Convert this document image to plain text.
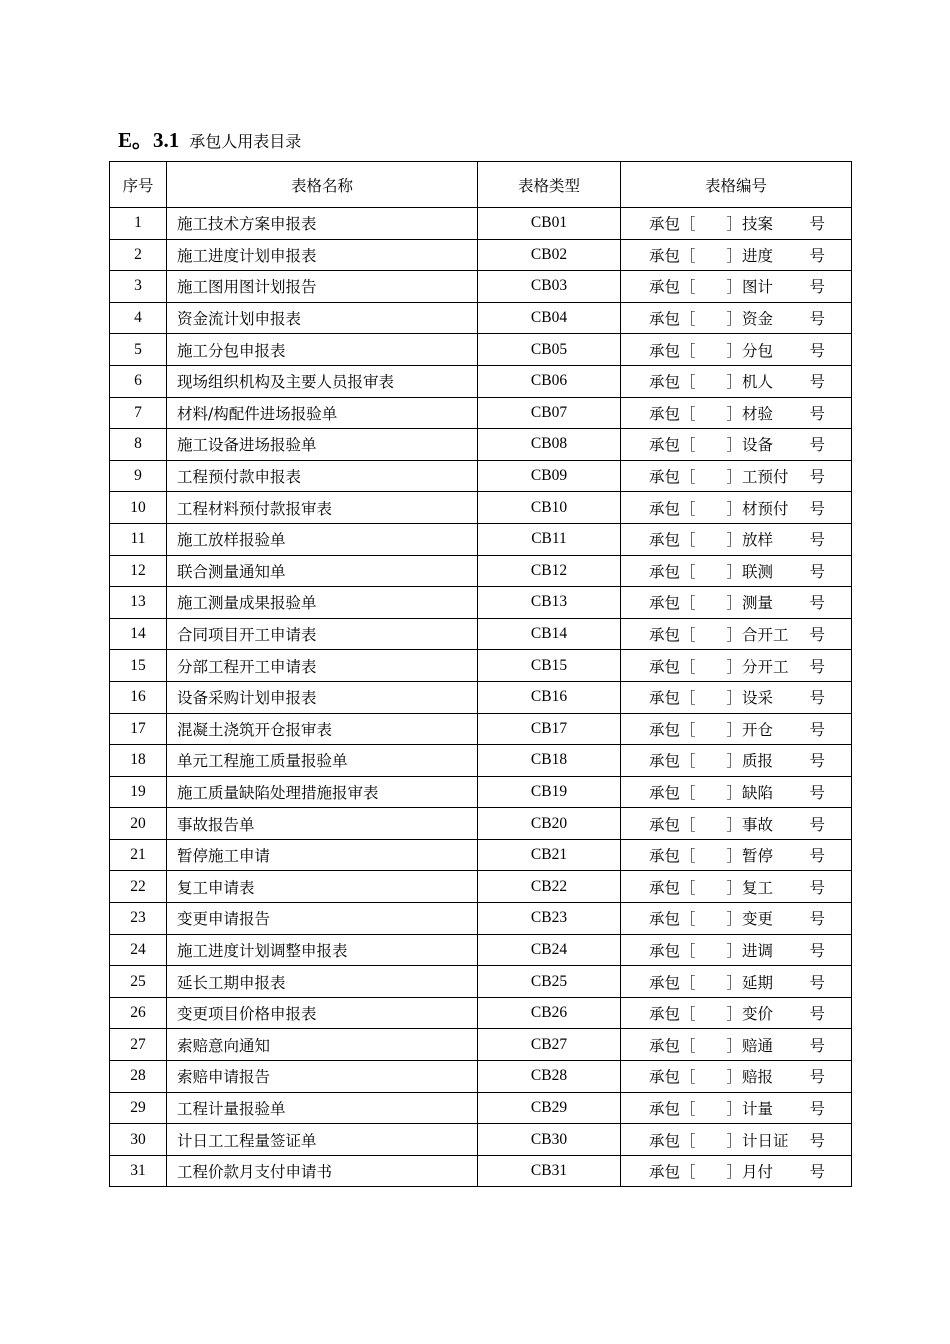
E。3.1 承包人用表目录
序号	表格名称	表格类型	表格编号
1	施工技术方案申报表	CB01	承包［　　］技案 号

2	施工进度计划申报表	CB02	承包［　　］进度 号

3	施工图用图计划报告	CB03	承包［　　］图计 号

4	资金流计划申报表	CB04	承包［　　］资金 号

5	施工分包申报表	CB05	承包［　　］分包 号

6	现场组织机构及主要人员报审表	CB06	承包［　　］机人 号

7	材料/构配件进场报验单	CB07	承包［　　］材验 号

8	施工设备进场报验单	CB08	承包［　　］设备 号

9	工程预付款申报表	CB09	承包［　　］工预付 号

10	工程材料预付款报审表	CB10	承包［　　］材预付 号

11	施工放样报验单	CB11	承包［　　］放样 号

12	联合测量通知单	CB12	承包［　　］联测 号

13	施工测量成果报验单	CB13	承包［　　］测量 号

14	合同项目开工申请表	CB14	承包［　　］合开工 号

15	分部工程开工申请表	CB15	承包［　　］分开工 号

16	设备采购计划申报表	CB16	承包［　　］设采 号

17	混凝土浇筑开仓报审表	CB17	承包［　　］开仓 号

18	单元工程施工质量报验单	CB18	承包［　　］质报 号

19	施工质量缺陷处理措施报审表	CB19	承包［　　］缺陷 号

20	事故报告单	CB20	承包［　　］事故 号

21	暂停施工申请	CB21	承包［　　］暂停 号

22	复工申请表	CB22	承包［　　］复工 号

23	变更申请报告	CB23	承包［　　］变更 号

24	施工进度计划调整申报表	CB24	承包［　　］进调 号

25	延长工期申报表	CB25	承包［　　］延期 号

26	变更项目价格申报表	CB26	承包［　　］变价 号

27	索赔意向通知	CB27	承包［　　］赔通 号

28	索赔申请报告	CB28	承包［　　］赔报 号

29	工程计量报验单	CB29	承包［　　］计量 号

30	计日工工程量签证单	CB30	承包［　　］计日证 号

31	工程价款月支付申请书	CB31	承包［　　］月付 号
